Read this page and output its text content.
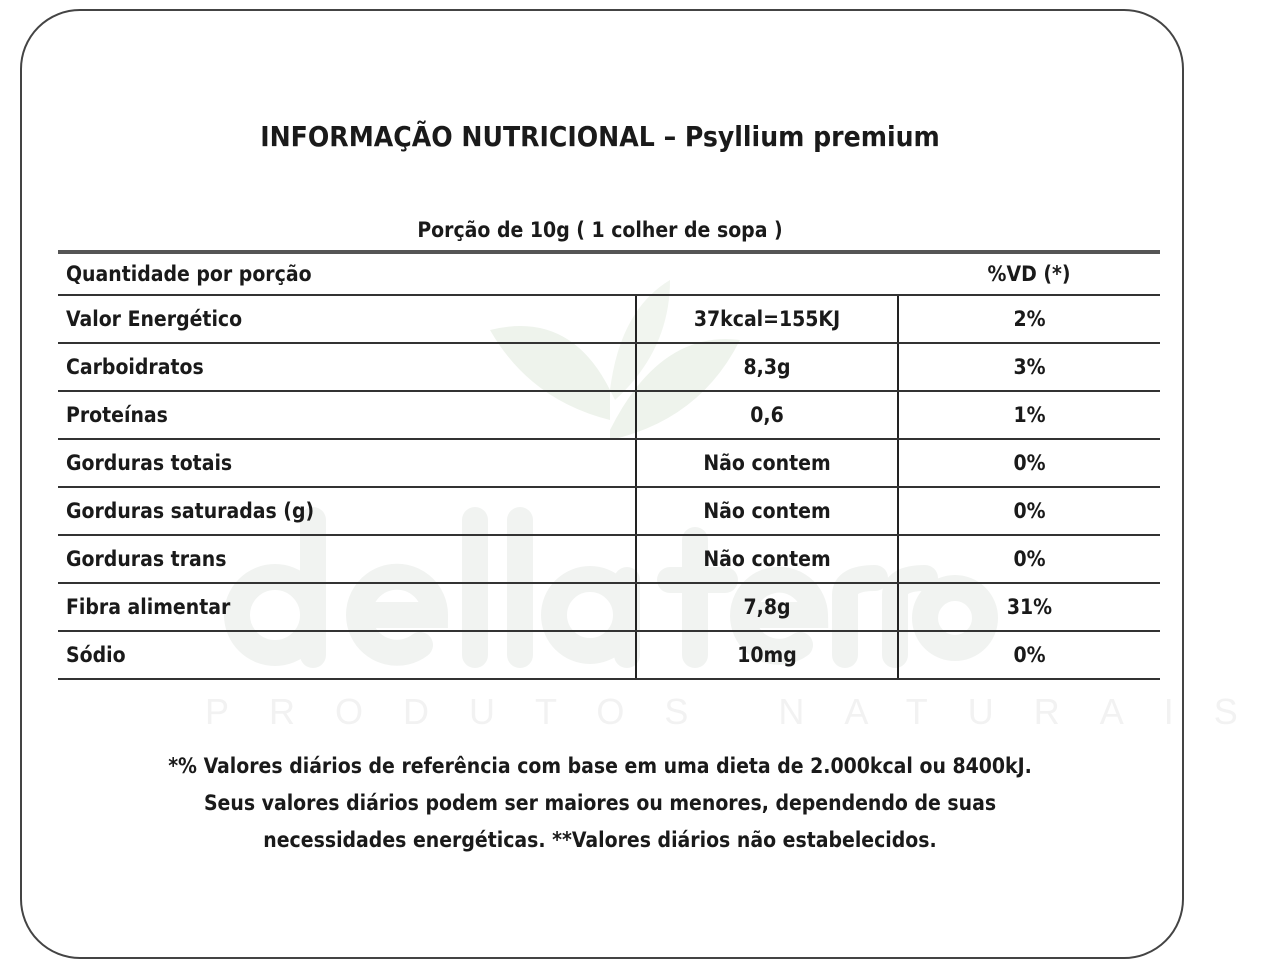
PRODUTOS NATURAIS
INFORMAÇÃO NUTRICIONAL – Psyllium premium
Porção de 10g ( 1 colher de sopa )
Quantidade por porção		%VD (*)
Valor Energético	37kcal=155KJ	2%
Carboidratos	8,3g	3%
Proteínas	0,6	1%
Gorduras totais	Não contem	0%
Gorduras saturadas (g)	Não contem	0%
Gorduras trans	Não contem	0%
Fibra alimentar	7,8g	31%
Sódio	10mg	0%
*% Valores diários de referência com base em uma dieta de 2.000kcal ou 8400kJ.
Seus valores diários podem ser maiores ou menores, dependendo de suas
necessidades energéticas. **Valores diários não estabelecidos.
